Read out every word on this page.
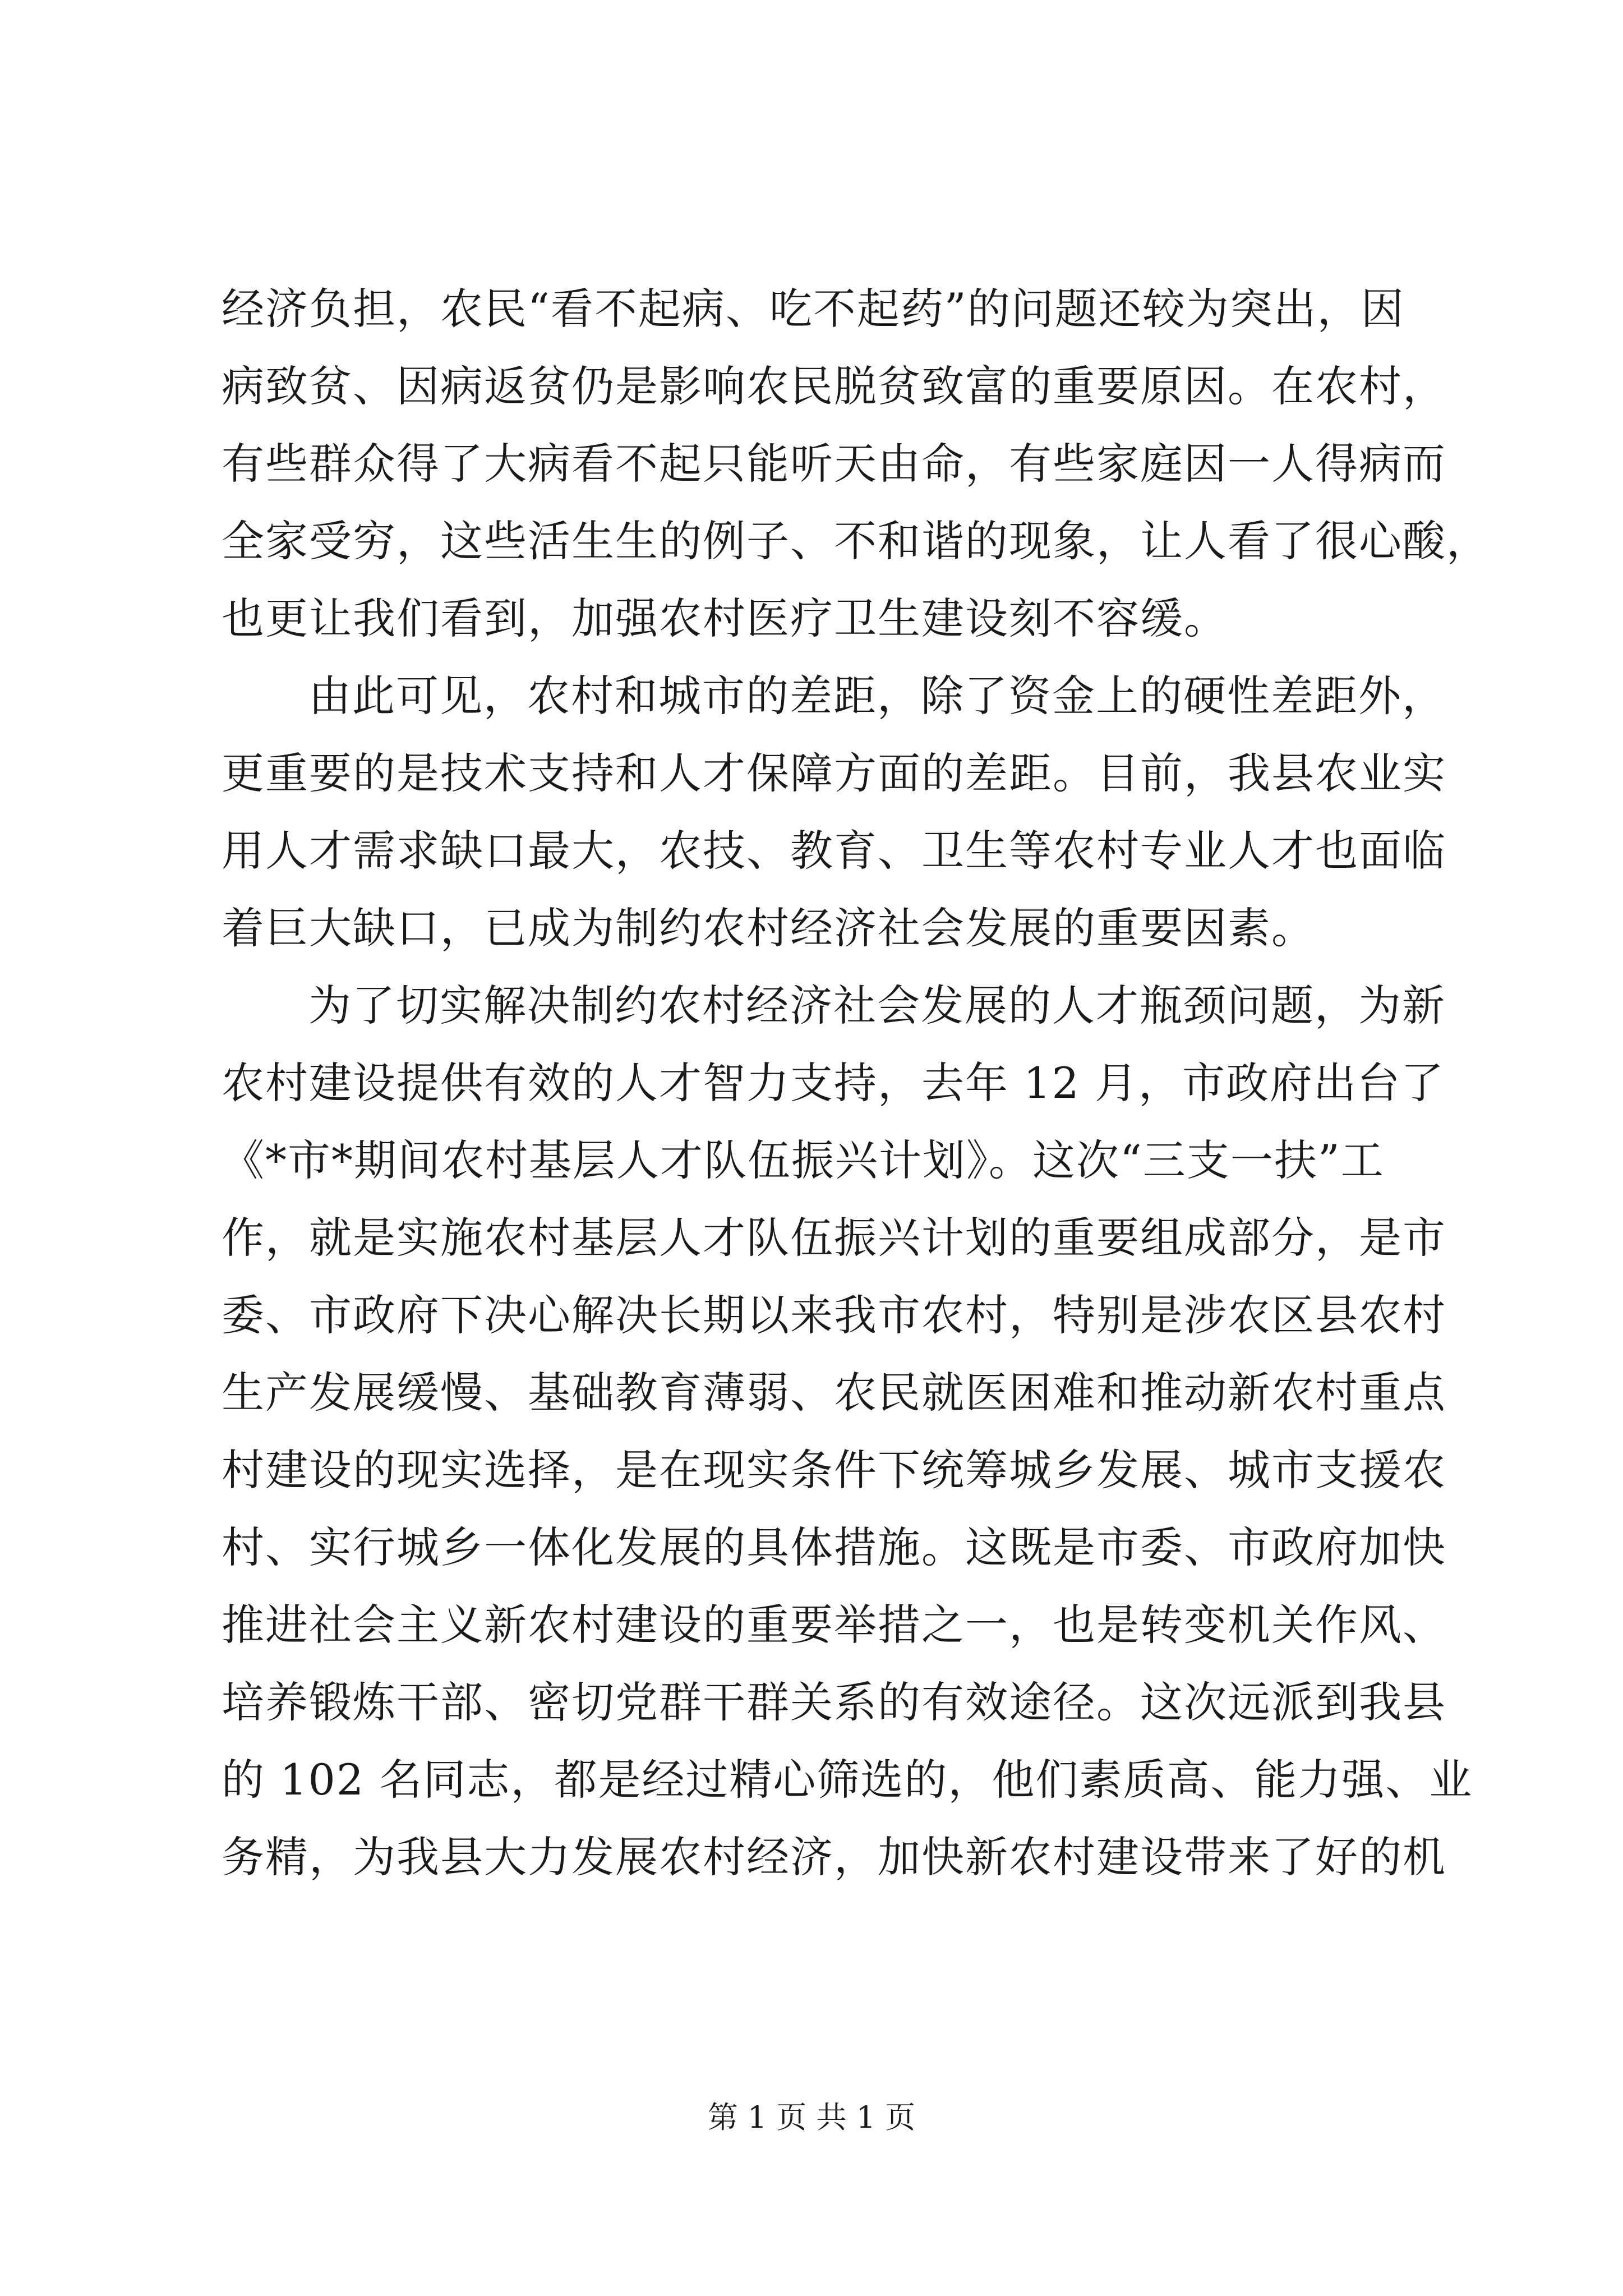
经济负担，农民“看不起病、吃不起药”的问题还较为突出，因
病致贫、因病返贫仍是影响农民脱贫致富的重要原因。在农村，
有些群众得了大病看不起只能听天由命，有些家庭因一人得病而
全家受穷，这些活生生的例子、不和谐的现象，让人看了很心酸，
也更让我们看到，加强农村医疗卫生建设刻不容缓。
由此可见，农村和城市的差距，除了资金上的硬性差距外，
更重要的是技术支持和人才保障方面的差距。目前，我县农业实
用人才需求缺口最大，农技、教育、卫生等农村专业人才也面临
着巨大缺口，已成为制约农村经济社会发展的重要因素。
为了切实解决制约农村经济社会发展的人才瓶颈问题，为新
农村建设提供有效的人才智力支持，去年 12 月，市政府出台了
《*市*期间农村基层人才队伍振兴计划》。这次“三支一扶”工
作，就是实施农村基层人才队伍振兴计划的重要组成部分，是市
委、市政府下决心解决长期以来我市农村，特别是涉农区县农村
生产发展缓慢、基础教育薄弱、农民就医困难和推动新农村重点
村建设的现实选择，是在现实条件下统筹城乡发展、城市支援农
村、实行城乡一体化发展的具体措施。这既是市委、市政府加快
推进社会主义新农村建设的重要举措之一，也是转变机关作风、
培养锻炼干部、密切党群干群关系的有效途径。这次远派到我县
的 102 名同志，都是经过精心筛选的，他们素质高、能力强、业
务精，为我县大力发展农村经济，加快新农村建设带来了好的机
第 1 页 共 1 页
